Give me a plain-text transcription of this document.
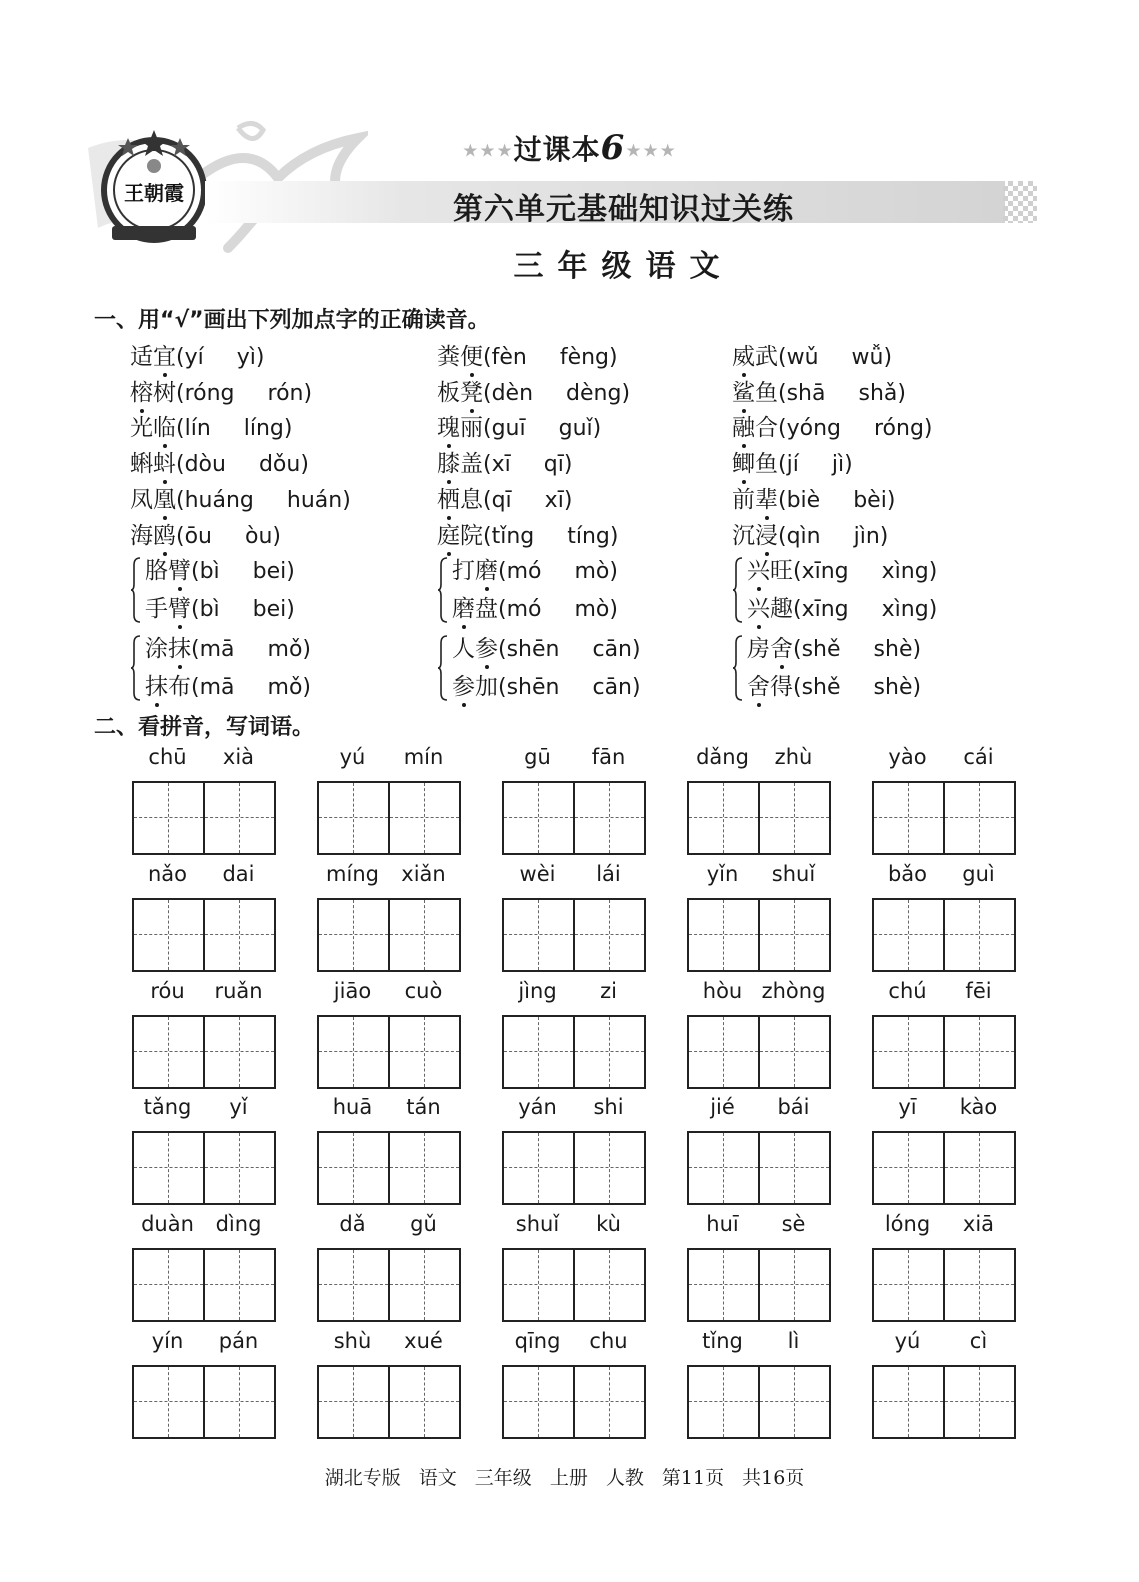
王朝霞
★★★过课本6★★★
第六单元基础知识过关练
三年级语文
一、用“√”画出下列加点字的正确读音。
适宜(yí   yì)
榕树(róng   rón)
光临(lín   líng)
蝌蚪(dòu   dǒu)
凤凰(huáng   huán)
海鸥(ōu   òu)
粪便(fèn   fèng)
板凳(dèn   dèng)
瑰丽(guī   guǐ)
膝盖(xī   qī)
栖息(qī   xī)
庭院(tǐng   tíng)
威武(wǔ   wǚ)
鲨鱼(shā   shǎ)
融合(yóng   róng)
鲫鱼(jí   jì)
前辈(biè   bèi)
沉浸(qìn   jìn)
胳臂(bì   bei)
手臂(bì   bei)
涂抹(mā   mǒ)
抹布(mā   mǒ)
打磨(mó   mò)
磨盘(mó   mò)
人参(shēn   cān)
参加(shēn   cān)
兴旺(xīng   xìng)
兴趣(xīng   xìng)
房舍(shě   shè)
舍得(shě   shè)
二、看拼音，写词语。
chū	xià	yú	mín	gū	fān	dǎng	zhù	yào	cái
nǎo	dai	míng	xiǎn	wèi	lái	yǐn	shuǐ	bǎo	guì
róu	ruǎn	jiāo	cuò	jìng	zi	hòu zhòng	chú	fēi
tǎng	yǐ	huā	tán	yán	shi	jié	bái	yī	kào
duàn	dìng	dǎ	gǔ	shuǐ	kù	huī	sè	lóng	xiā
yín	pán	shù	xué	qīng	chu	tǐng	lì	yú	cì
湖北专版 语文 三年级 上册 人教 第11页 共16页
